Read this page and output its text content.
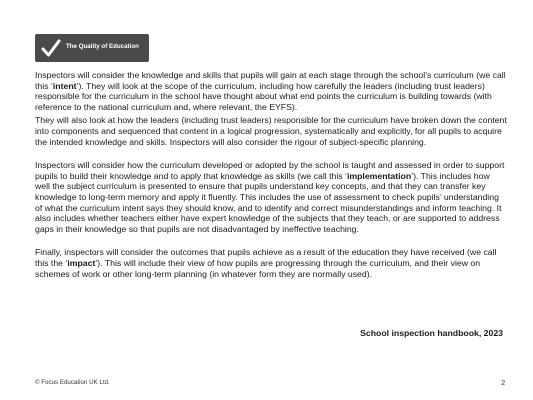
The Quality of Education

Inspectors will consider the knowledge and skills that pupils will gain at each stage through the school’s curriculum (we call this ‘intent’). They will look at the scope of the curriculum, including how carefully the leaders (including trust leaders) responsible for the curriculum in the school have thought about what end points the curriculum is building towards (with reference to the national curriculum and, where relevant, the EYFS).

They will also look at how the leaders (including trust leaders) responsible for the curriculum have broken down the content into components and sequenced that content in a logical progression, systematically and explicitly, for all pupils to acquire the intended knowledge and skills. Inspectors will also consider the rigour of subject-specific planning.

Inspectors will consider how the curriculum developed or adopted by the school is taught and assessed in order to support pupils to build their knowledge and to apply that knowledge as skills (we call this ‘implementation’). This includes how well the subject curriculum is presented to ensure that pupils understand key concepts, and that they can transfer key knowledge to long-term memory and apply it fluently. This includes the use of assessment to check pupils’ understanding of what the curriculum intent says they should know, and to identify and correct misunderstandings and inform teaching. It also includes whether teachers either have expert knowledge of the subjects that they teach, or are supported to address gaps in their knowledge so that pupils are not disadvantaged by ineffective teaching.

Finally, inspectors will consider the outcomes that pupils achieve as a result of the education they have received (we call this the ‘impact’). This will include their view of how pupils are progressing through the curriculum, and their view on schemes of work or other long-term planning (in whatever form they are normally used).

School inspection handbook, 2023
© Focus Education UK Ltd.	2
